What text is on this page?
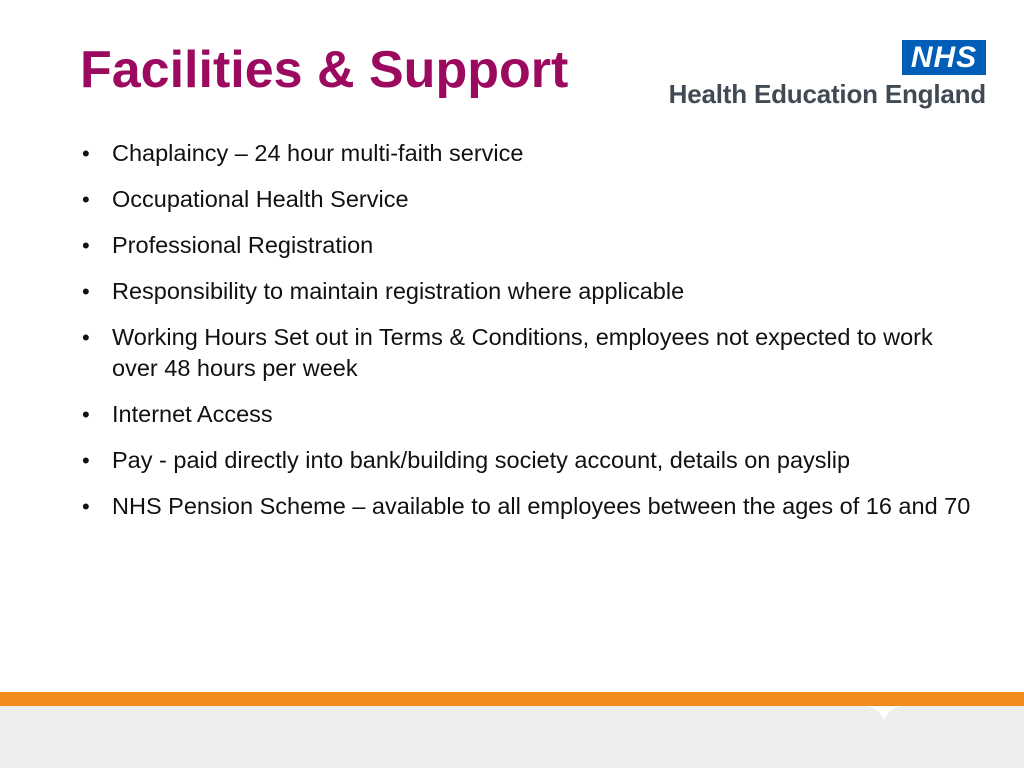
Facilities & Support	NHS
Health Education England
• Chaplaincy – 24 hour multi-faith service
• Occupational Health Service
• Professional Registration
• Responsibility to maintain registration where applicable
• Working Hours Set out in Terms & Conditions, employees not expected to work over 48 hours per week
• Internet Access
• Pay - paid directly into bank/building society account, details on payslip
• NHS Pension Scheme – available to all employees between the ages of 16 and 70
